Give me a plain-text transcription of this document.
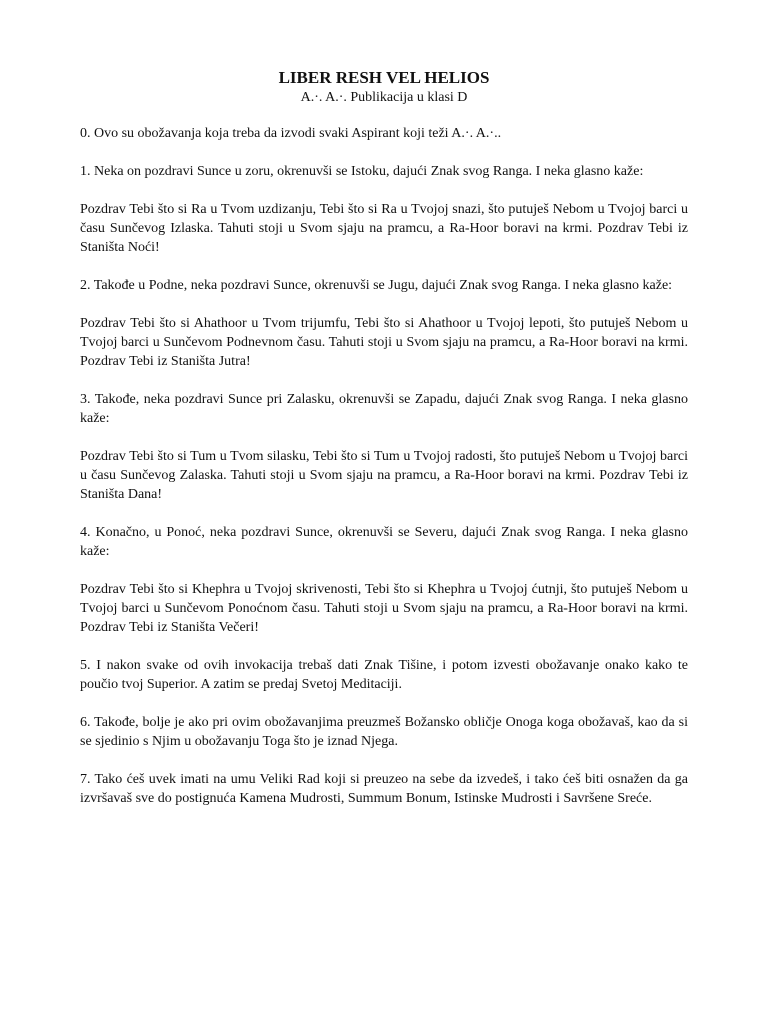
LIBER RESH VEL HELIOS

A.·. A.·. Publikacija u klasi D

0. Ovo su obožavanja koja treba da izvodi svaki Aspirant koji teži A.·. A.·..

1. Neka on pozdravi Sunce u zoru, okrenuvši se Istoku, dajući Znak svog Ranga. I neka glasno kaže:

Pozdrav Tebi što si Ra u Tvom uzdizanju, Tebi što si Ra u Tvojoj snazi, što putuješ Nebom u Tvojoj barci u času Sunčevog Izlaska. Tahuti stoji u Svom sjaju na pramcu, a Ra-Hoor boravi na krmi. Pozdrav Tebi iz Staništa Noći!

2. Takođe u Podne, neka pozdravi Sunce, okrenuvši se Jugu, dajući Znak svog Ranga. I neka glasno kaže:

Pozdrav Tebi što si Ahathoor u Tvom trijumfu, Tebi što si Ahathoor u Tvojoj lepoti, što putuješ Nebom u Tvojoj barci u Sunčevom Podnevnom času. Tahuti stoji u Svom sjaju na pramcu, a Ra-Hoor boravi na krmi. Pozdrav Tebi iz Staništa Jutra!

3. Takođe, neka pozdravi Sunce pri Zalasku, okrenuvši se Zapadu, dajući Znak svog Ranga. I neka glasno kaže:

Pozdrav Tebi što si Tum u Tvom silasku, Tebi što si Tum u Tvojoj radosti, što putuješ Nebom u Tvojoj barci u času Sunčevog Zalaska. Tahuti stoji u Svom sjaju na pramcu, a Ra-Hoor boravi na krmi. Pozdrav Tebi iz Staništa Dana!

4. Konačno, u Ponoć, neka pozdravi Sunce, okrenuvši se Severu, dajući Znak svog Ranga. I neka glasno kaže:

Pozdrav Tebi što si Khephra u Tvojoj skrivenosti, Tebi što si Khephra u Tvojoj ćutnji, što putuješ Nebom u Tvojoj barci u Sunčevom Ponoćnom času. Tahuti stoji u Svom sjaju na pramcu, a Ra-Hoor boravi na krmi. Pozdrav Tebi iz Staništa Večeri!

5. I nakon svake od ovih invokacija trebaš dati Znak Tišine, i potom izvesti obožavanje onako kako te poučio tvoj Superior. A zatim se predaj Svetoj Meditaciji.

6. Takođe, bolje je ako pri ovim obožavanjima preuzmeš Božansko obličje Onoga koga obožavaš, kao da si se sjedinio s Njim u obožavanju Toga što je iznad Njega.

7. Tako ćeš uvek imati na umu Veliki Rad koji si preuzeo na sebe da izvedeš, i tako ćeš biti osnažen da ga izvršavaš sve do postignuća Kamena Mudrosti, Summum Bonum, Istinske Mudrosti i Savršene Sreće.
